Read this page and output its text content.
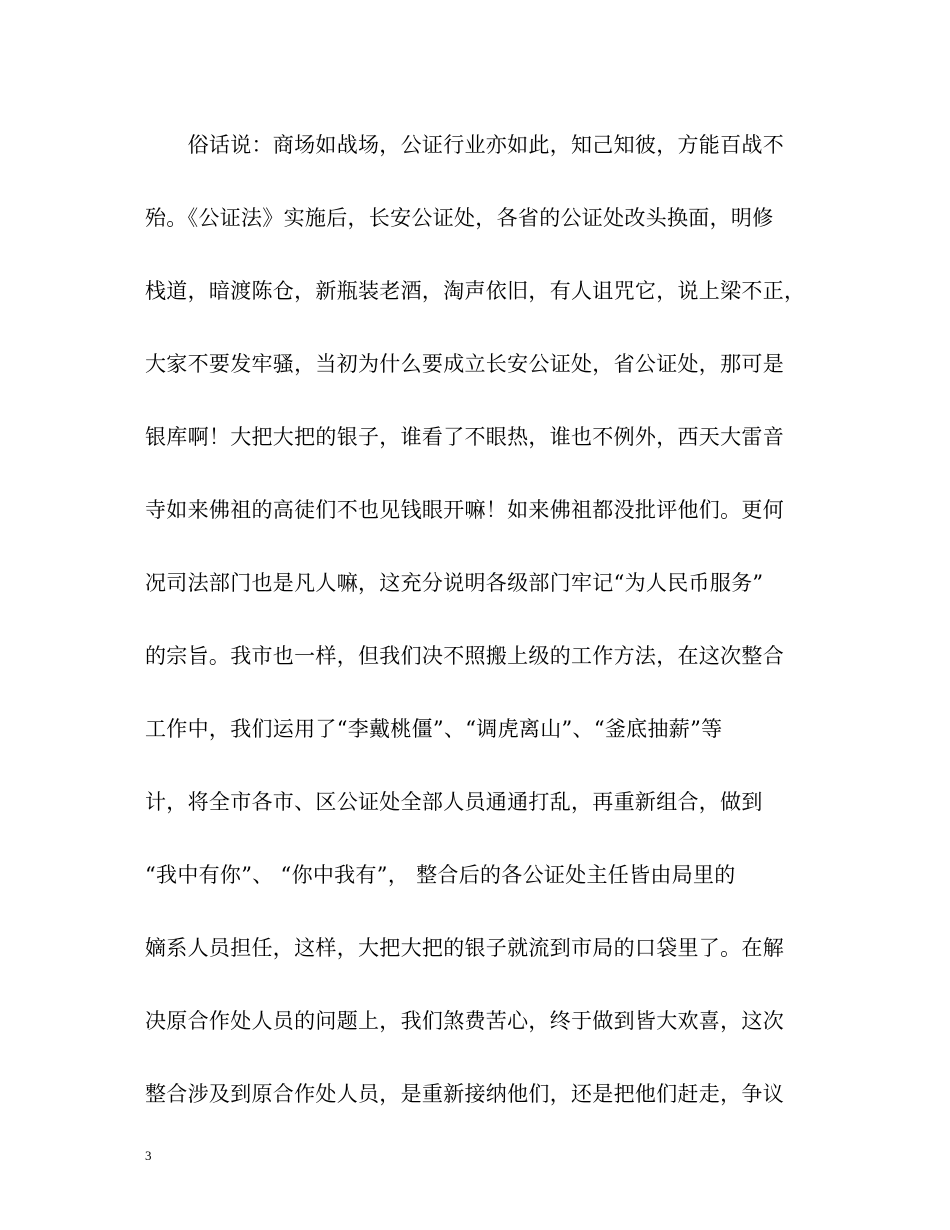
　　俗话说：商场如战场，公证行业亦如此，知己知彼，方能百战不
殆。《公证法》实施后，长安公证处，各省的公证处改头换面，明修
栈道，暗渡陈仓，新瓶装老酒，淘声依旧，有人诅咒它，说上梁不正，
大家不要发牢骚，当初为什么要成立长安公证处，省公证处，那可是
银库啊！大把大把的银子，谁看了不眼热，谁也不例外，西天大雷音
寺如来佛祖的高徒们不也见钱眼开嘛！如来佛祖都没批评他们。更何
况司法部门也是凡人嘛，这充分说明各级部门牢记“为人民币服务”
的宗旨。我市也一样，但我们决不照搬上级的工作方法，在这次整合
工作中，我们运用了“李戴桃僵”、“调虎离山”、“釜底抽薪”等
计，将全市各市、区公证处全部人员通通打乱，再重新组合，做到
“我中有你”、 “你中我有”， 整合后的各公证处主任皆由局里的
嫡系人员担任，这样，大把大把的银子就流到市局的口袋里了。在解
决原合作处人员的问题上，我们煞费苦心，终于做到皆大欢喜，这次
整合涉及到原合作处人员，是重新接纳他们，还是把他们赶走，争议
3
